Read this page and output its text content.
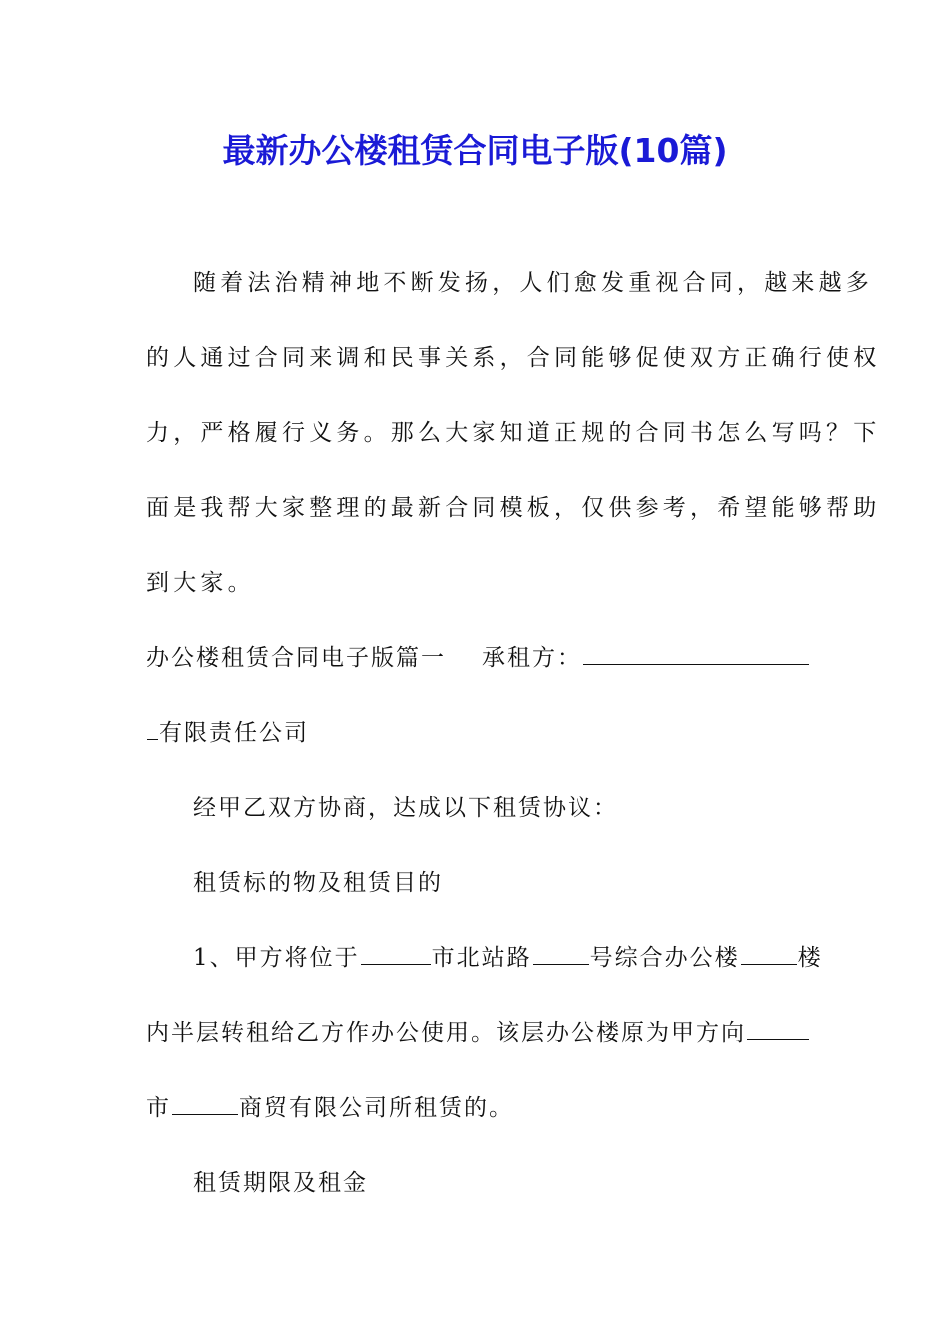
最新办公楼租赁合同电子版(10篇)
随着法治精神地不断发扬，人们愈发重视合同，越来越多
的人通过合同来调和民事关系，合同能够促使双方正确行使权
力，严格履行义务。那么大家知道正规的合同书怎么写吗？下
面是我帮大家整理的最新合同模板，仅供参考，希望能够帮助
到大家。
办公楼租赁合同电子版篇一 承租方：
有限责任公司
经甲乙双方协商，达成以下租赁协议：
租赁标的物及租赁目的
1、甲方将位于	市北站路	号综合办公楼	楼
内半层转租给乙方作办公使用。该层办公楼原为甲方向
市	商贸有限公司所租赁的。
租赁期限及租金
